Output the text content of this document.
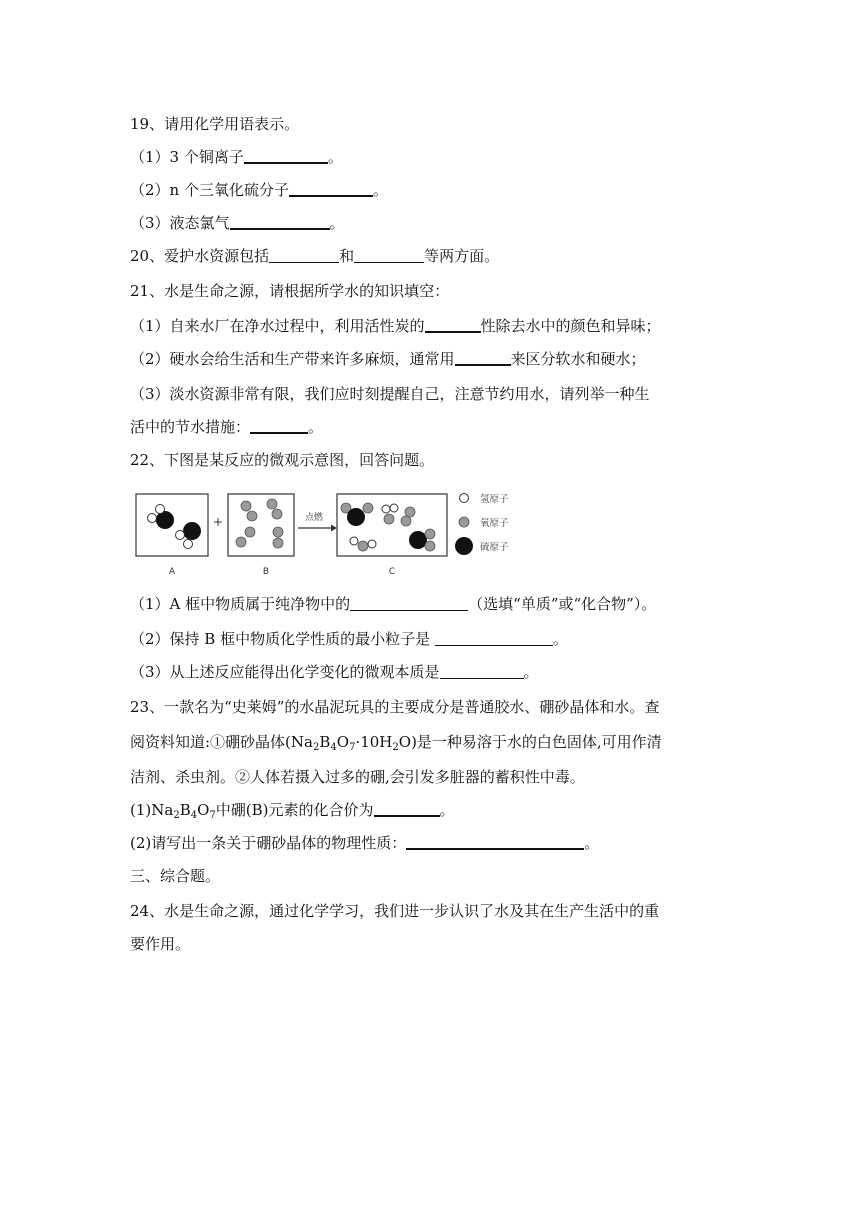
19、请用化学用语表示。
（1）3 个铜离子	。
（2）n 个三氧化硫分子	。
（3）液态氯气	。
20、爱护水资源包括	和	等两方面。
21、水是生命之源，请根据所学水的知识填空：
（1）自来水厂在净水过程中，利用活性炭的	性除去水中的颜色和异味；
（2）硬水会给生活和生产带来许多麻烦，通常用	来区分软水和硬水；
（3）淡水资源非常有限，我们应时刻提醒自己，注意节约用水，请列举一种生
活中的节水措施：	。
22、下图是某反应的微观示意图，回答问题。
+	点燃
A	B	C
氢原子
氧原子
硫原子
（1）A 框中物质属于纯净物中的	（选填“单质”或“化合物”）。
（2）保持 B 框中物质化学性质的最小粒子是	。
（3）从上述反应能得出化学变化的微观本质是	。
23、一款名为“史莱姆”的水晶泥玩具的主要成分是普通胶水、硼砂晶体和水。查
阅资料知道:①硼砂晶体$(Na_2B_4O_7\cdot 10H_2O)$是一种易溶于水的白色固体,可用作清
洁剂、杀虫剂。②人体若摄入过多的硼,会引发多脏器的蓄积性中毒。
$(1)Na_2B_4O_7$中硼(B)元素的化合价为	。
(2)请写出一条关于硼砂晶体的物理性质：	。
三、综合题。
24、水是生命之源，通过化学学习，我们进一步认识了水及其在生产生活中的重
要作用。
